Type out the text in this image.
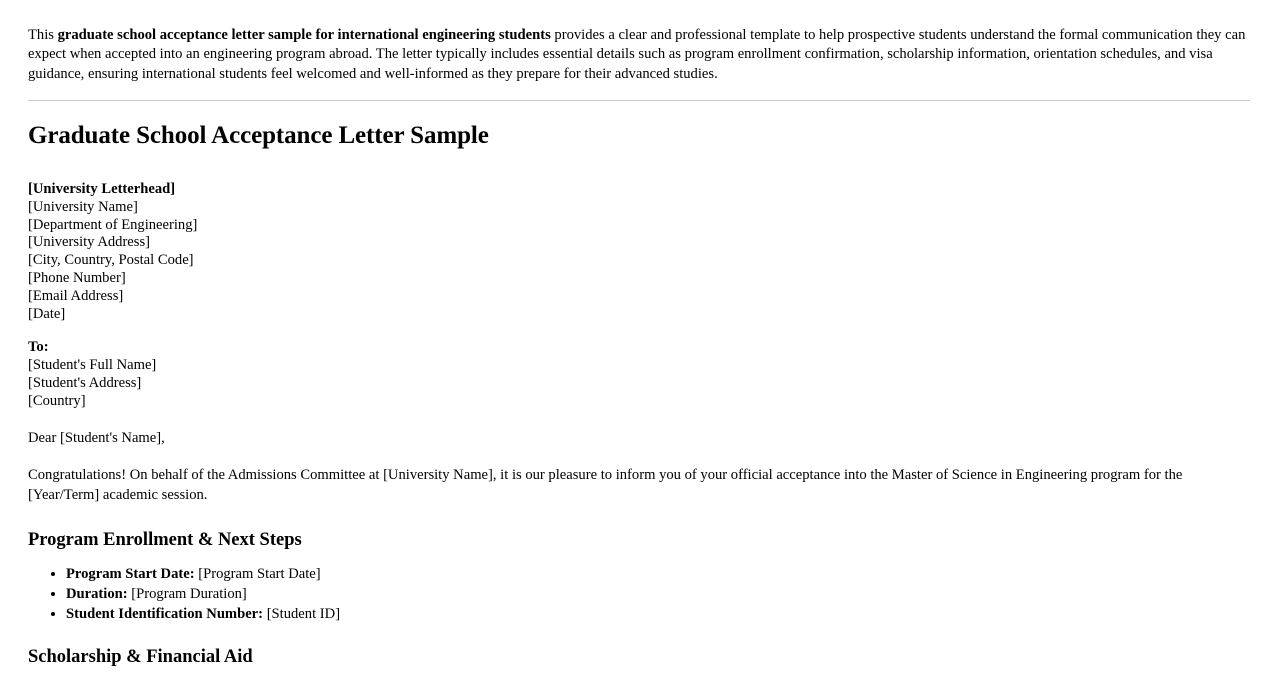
This graduate school acceptance letter sample for international engineering students provides a clear and professional template to help prospective students understand the formal communication they can expect when accepted into an engineering program abroad. The letter typically includes essential details such as program enrollment confirmation, scholarship information, orientation schedules, and visa guidance, ensuring international students feel welcomed and well-informed as they prepare for their advanced studies.

Graduate School Acceptance Letter Sample
[University Letterhead]
[University Name]
[Department of Engineering]
[University Address]
[City, Country, Postal Code]
[Phone Number]
[Email Address]
[Date]
To:
[Student's Full Name]
[Student's Address]
[Country]

Dear [Student's Name],

Congratulations! On behalf of the Admissions Committee at [University Name], it is our pleasure to inform you of your official acceptance into the Master of Science in Engineering program for the [Year/Term] academic session.

Program Enrollment & Next Steps
• Program Start Date: [Program Start Date]
• Duration: [Program Duration]
• Student Identification Number: [Student ID]
Scholarship & Financial Aid
